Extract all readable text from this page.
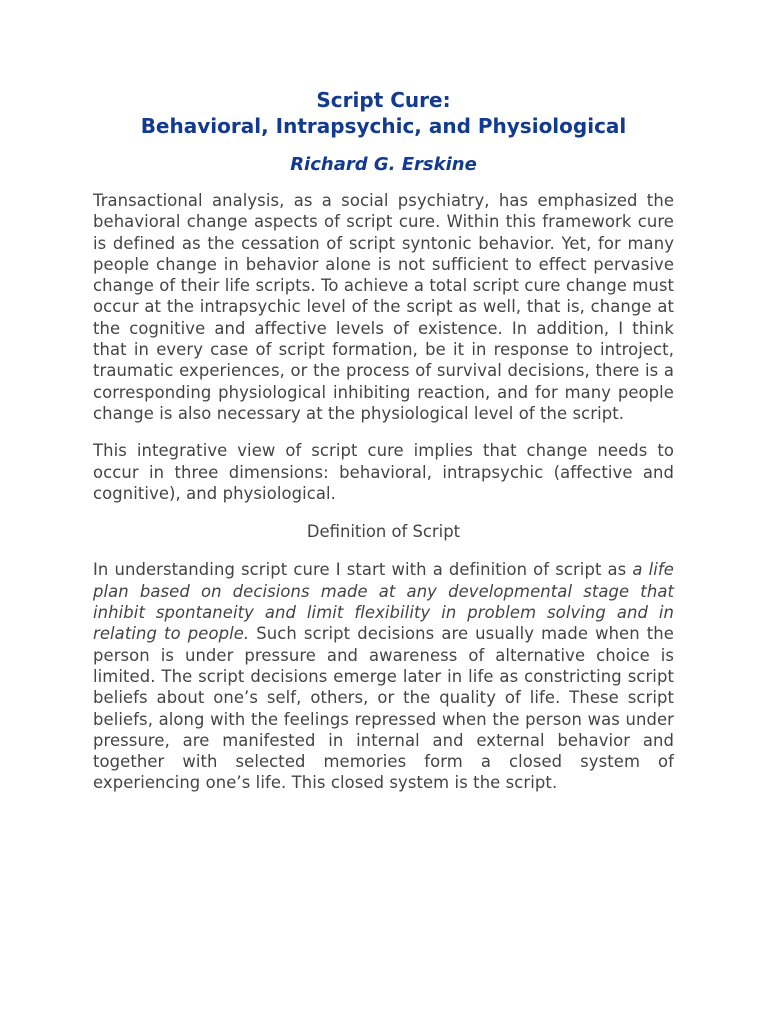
Script Cure:
Behavioral, Intrapsychic, and Physiological

Richard G. Erskine

Transactional analysis, as a social psychiatry, has emphasized the behavioral change aspects of script cure. Within this framework cure is defined as the cessation of script syntonic behavior. Yet, for many people change in behavior alone is not sufficient to effect pervasive change of their life scripts. To achieve a total script cure change must occur at the intrapsychic level of the script as well, that is, change at the cognitive and affective levels of existence. In addition, I think that in every case of script formation, be it in response to introject, traumatic experiences, or the process of survival decisions, there is a corresponding physiological inhibiting reaction, and for many people change is also necessary at the physiological level of the script.

This integrative view of script cure implies that change needs to occur in three dimensions: behavioral, intrapsychic (affective and cognitive), and physiological.

Definition of Script

In understanding script cure I start with a definition of script as a life plan based on decisions made at any developmental stage that inhibit spontaneity and limit flexibility in problem solving and in relating to people. Such script decisions are usually made when the person is under pressure and awareness of alternative choice is limited. The script decisions emerge later in life as constricting script beliefs about one’s self, others, or the quality of life. These script beliefs, along with the feelings repressed when the person was under pressure, are manifested in internal and external behavior and together with selected memories form a closed system of experiencing one’s life. This closed system is the script.
